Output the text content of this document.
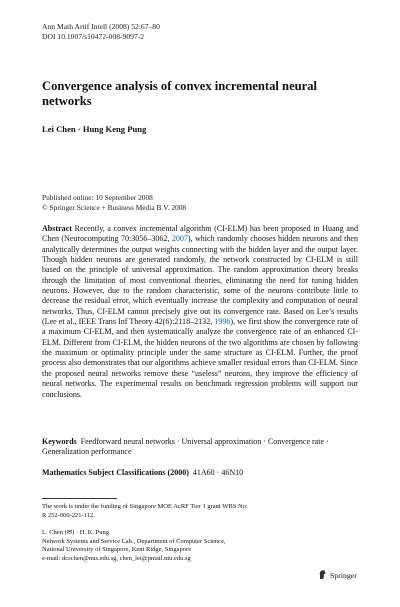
Ann Math Artif Intell (2008) 52:67–80
DOI 10.1007/s10472-008-9097-2
Convergence analysis of convex incremental neural networks
Lei Chen · Hung Keng Pung
Published online: 10 September 2008
© Springer Science + Business Media B.V. 2008
Abstract Recently, a convex incremental algorithm (CI-ELM) has been proposed in Huang and Chen (Neurocomputing 70:3056–3062, 2007), which randomly chooses hidden neurons and then analytically determines the output weights connecting with the hidden layer and the output layer. Though hidden neurons are generated randomly, the network constructed by CI-ELM is still based on the principle of universal approximation. The random approximation theory breaks through the limitation of most conventional theories, eliminating the need for tuning hidden neurons. However, due to the random characteristic, some of the neurons contribute little to decrease the residual error, which eventually increase the complexity and computation of neural networks. Thus, CI-ELM cannot precisely give out its convergence rate. Based on Lee’s results (Lee et al., IEEE Trans Inf Theory 42(6):2118–2132, 1996), we first show the convergence rate of a maximum CI-ELM, and then systematically analyze the convergence rate of an enhanced CI-ELM. Different from CI-ELM, the hidden neurons of the two algorithms are chosen by following the maximum or optimality principle under the same structure as CI-ELM. Further, the proof process also demonstrates that our algorithms achieve smaller residual errors than CI-ELM. Since the proposed neural networks remove these “useless” neurons, they improve the efficiency of neural networks. The experimental results on benchmark regression problems will support our conclusions.
Keywords Feedforward neural networks · Universal approximation · Convergence rate · Generalization performance
Mathematics Subject Classifications (2000) 41A60 · 46N10
The work is under the funding of Singapore MOE AcRF Tier 1 grant WBS No:
R 252-000-221-112.
L. Chen (✉) · H. K. Pung
Network Systems and Service Lab., Department of Computer Science,
National University of Singapore, Kent Ridge, Singapore
e-mail: dcschen@nus.edu.sg, chen_lei@pmail.ntu.edu.sg
Springer
